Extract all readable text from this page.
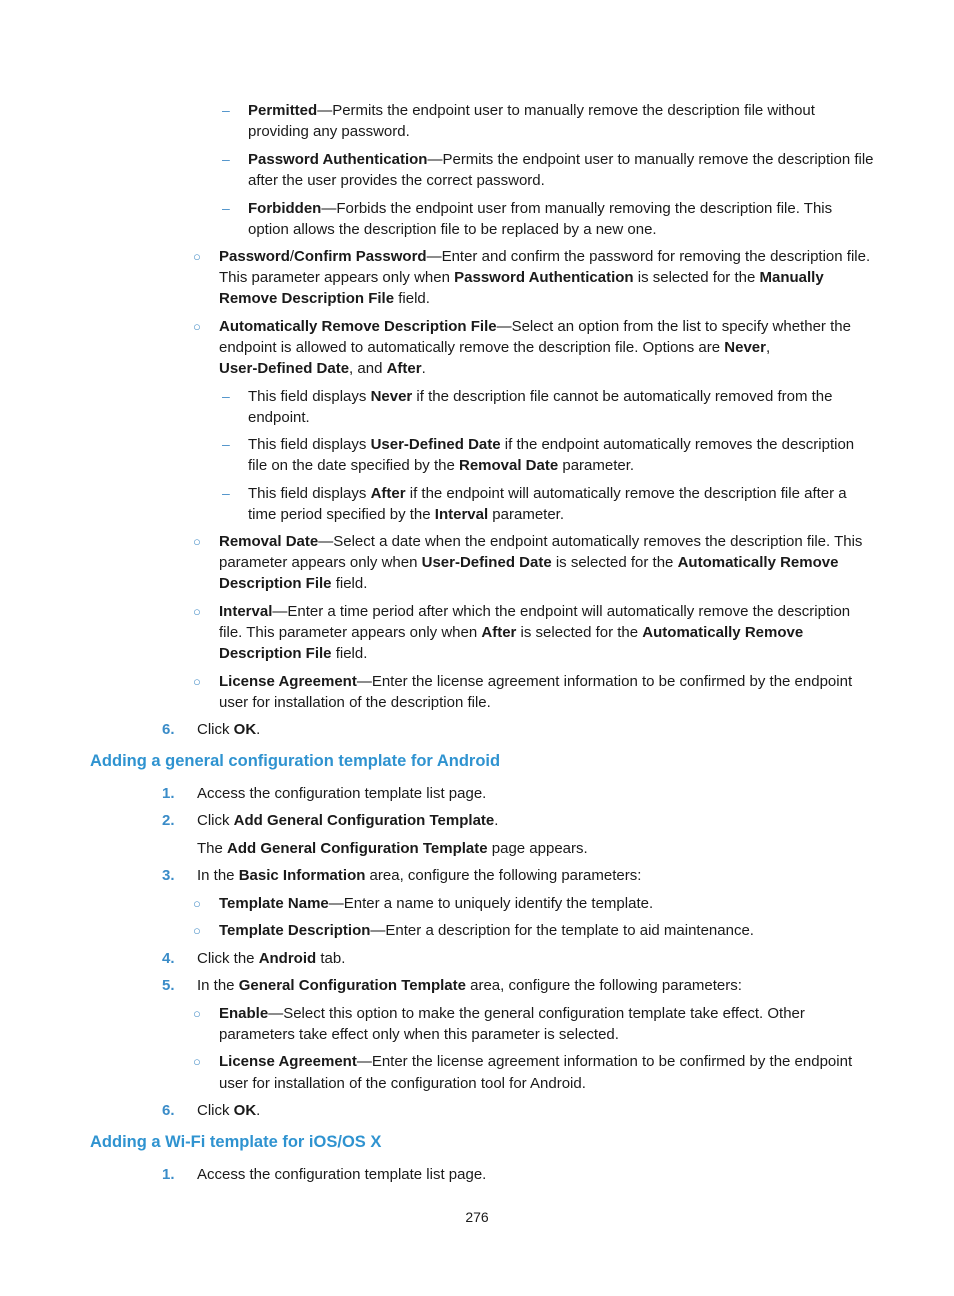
– Permitted—Permits the endpoint user to manually remove the description file without
providing any password.
– Password Authentication—Permits the endpoint user to manually remove the description file
after the user provides the correct password.
– Forbidden—Forbids the endpoint user from manually removing the description file. This
option allows the description file to be replaced by a new one.
○ Password/Confirm Password—Enter and confirm the password for removing the description file.
This parameter appears only when Password Authentication is selected for the Manually
Remove Description File field.
○ Automatically Remove Description File—Select an option from the list to specify whether the
endpoint is allowed to automatically remove the description file. Options are Never,
User-Defined Date, and After.
– This field displays Never if the description file cannot be automatically removed from the
endpoint.
– This field displays User-Defined Date if the endpoint automatically removes the description
file on the date specified by the Removal Date parameter.
– This field displays After if the endpoint will automatically remove the description file after a
time period specified by the Interval parameter.
○ Removal Date—Select a date when the endpoint automatically removes the description file. This
parameter appears only when User-Defined Date is selected for the Automatically Remove
Description File field.
○ Interval—Enter a time period after which the endpoint will automatically remove the description
file. This parameter appears only when After is selected for the Automatically Remove
Description File field.
○ License Agreement—Enter the license agreement information to be confirmed by the endpoint
user for installation of the description file.
6. Click OK.
Adding a general configuration template for Android
1. Access the configuration template list page.
2. Click Add General Configuration Template.
The Add General Configuration Template page appears.
3. In the Basic Information area, configure the following parameters:
○ Template Name—Enter a name to uniquely identify the template.
○ Template Description—Enter a description for the template to aid maintenance.
4. Click the Android tab.
5. In the General Configuration Template area, configure the following parameters:
○ Enable—Select this option to make the general configuration template take effect. Other
parameters take effect only when this parameter is selected.
○ License Agreement—Enter the license agreement information to be confirmed by the endpoint
user for installation of the configuration tool for Android.
6. Click OK.
Adding a Wi-Fi template for iOS/OS X
1. Access the configuration template list page.
276
